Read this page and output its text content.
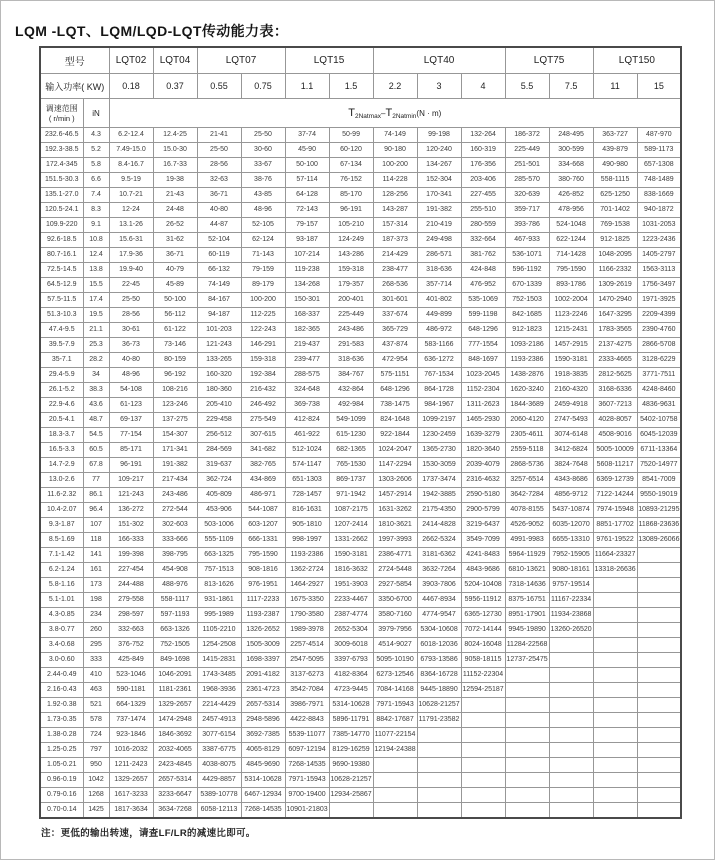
LQM -LQT、LQM/LQD-LQT传动能力表：
型号		LQT02	LQT04	LQT07		LQT15		LQT40			LQT75		LQT150	
输入功率( KW)		0.18	0.37	0.55	0.75	1.1	1.5	2.2	3	4	5.5	7.5	11	15

调速范围
( r/min )	iN	$T_{2Natmax}-T_{2Natmin}(N \cdot m)$												
232.6-46.5	4.3	6.2-12.4	12.4-25	21-41	25-50	37-74	50-99	74-149	99-198	132-264	186-372	248-495	363-727	487-970
192.3-38.5	5.2	7.49-15.0	15.0-30	25-50	30-60	45-90	60-120	90-180	120-240	160-319	225-449	300-599	439-879	589-1173
172.4-345	5.8	8.4-16.7	16.7-33	28-56	33-67	50-100	67-134	100-200	134-267	176-356	251-501	334-668	490-980	657-1308
151.5-30.3	6.6	9.5-19	19-38	32-63	38-76	57-114	76-152	114-228	152-304	203-406	285-570	380-760	558-1115	748-1489
135.1-27.0	7.4	10.7-21	21-43	36-71	43-85	64-128	85-170	128-256	170-341	227-455	320-639	426-852	625-1250	838-1669
120.5-24.1	8.3	12-24	24-48	40-80	48-96	72-143	96-191	143-287	191-382	255-510	359-717	478-956	701-1402	940-1872
109.9-220	9.1	13.1-26	26-52	44-87	52-105	79-157	105-210	157-314	210-419	280-559	393-786	524-1048	769-1538	1031-2053
92.6-18.5	10.8	15.6-31	31-62	52-104	62-124	93-187	124-249	187-373	249-498	332-664	467-933	622-1244	912-1825	1223-2436
80.7-16.1	12.4	17.9-36	36-71	60-119	71-143	107-214	143-286	214-429	286-571	381-762	536-1071	714-1428	1048-2095	1405-2797
72.5-14.5	13.8	19.9-40	40-79	66-132	79-159	119-238	159-318	238-477	318-636	424-848	596-1192	795-1590	1166-2332	1563-3113
64.5-12.9	15.5	22-45	45-89	74-149	89-179	134-268	179-357	268-536	357-714	476-952	670-1339	893-1786	1309-2619	1756-3497
57.5-11.5	17.4	25-50	50-100	84-167	100-200	150-301	200-401	301-601	401-802	535-1069	752-1503	1002-2004	1470-2940	1971-3925
51.3-10.3	19.5	28-56	56-112	94-187	112-225	168-337	225-449	337-674	449-899	599-1198	842-1685	1123-2246	1647-3295	2209-4399
47.4-9.5	21.1	30-61	61-122	101-203	122-243	182-365	243-486	365-729	486-972	648-1296	912-1823	1215-2431	1783-3565	2390-4760
39.5-7.9	25.3	36-73	73-146	121-243	146-291	219-437	291-583	437-874	583-1166	777-1554	1093-2186	1457-2915	2137-4275	2866-5708
35-7.1	28.2	40-80	80-159	133-265	159-318	239-477	318-636	472-954	636-1272	848-1697	1193-2386	1590-3181	2333-4665	3128-6229
29.4-5.9	34	48-96	96-192	160-320	192-384	288-575	384-767	575-1151	767-1534	1023-2045	1438-2876	1918-3835	2812-5625	3771-7511
26.1-5.2	38.3	54-108	108-216	180-360	216-432	324-648	432-864	648-1296	864-1728	1152-2304	1620-3240	2160-4320	3168-6336	4248-8460
22.9-4.6	43.6	61-123	123-246	205-410	246-492	369-738	492-984	738-1475	984-1967	1311-2623	1844-3689	2459-4918	3607-7213	4836-9631
20.5-4.1	48.7	69-137	137-275	229-458	275-549	412-824	549-1099	824-1648	1099-2197	1465-2930	2060-4120	2747-5493	4028-8057	5402-10758
18.3-3.7	54.5	77-154	154-307	256-512	307-615	461-922	615-1230	922-1844	1230-2459	1639-3279	2305-4611	3074-6148	4508-9016	6045-12039
16.5-3.3	60.5	85-171	171-341	284-569	341-682	512-1024	682-1365	1024-2047	1365-2730	1820-3640	2559-5118	3412-6824	5005-10009	6711-13364
14.7-2.9	67.8	96-191	191-382	319-637	382-765	574-1147	765-1530	1147-2294	1530-3059	2039-4079	2868-5736	3824-7648	5608-11217	7520-14977
13.0-2.6	77	109-217	217-434	362-724	434-869	651-1303	869-1737	1303-2606	1737-3474	2316-4632	3257-6514	4343-8686	6369-12739	8541-7009
11.6-2.32	86.1	121-243	243-486	405-809	486-971	728-1457	971-1942	1457-2914	1942-3885	2590-5180	3642-7284	4856-9712	7122-14244	9550-19019
10.4-2.07	96.4	136-272	272-544	453-906	544-1087	816-1631	1087-2175	1631-3262	2175-4350	2900-5799	4078-8155	5437-10874	7974-15948	10893-21295
9.3-1.87	107	151-302	302-603	503-1006	603-1207	905-1810	1207-2414	1810-3621	2414-4828	3219-6437	4526-9052	6035-12070	8851-17702	11868-23636
8.5-1.69	118	166-333	333-666	555-1109	666-1331	998-1997	1331-2662	1997-3993	2662-5324	3549-7099	4991-9983	6655-13310	9761-19522	13089-26066
7.1-1.42	141	199-398	398-795	663-1325	795-1590	1193-2386	1590-3181	2386-4771	3181-6362	4241-8483	5964-11929	7952-15905	11664-23327	
6.2-1.24	161	227-454	454-908	757-1513	908-1816	1362-2724	1816-3632	2724-5448	3632-7264	4843-9686	6810-13621	9080-18161	13318-26636	
5.8-1.16	173	244-488	488-976	813-1626	976-1951	1464-2927	1951-3903	2927-5854	3903-7806	5204-10408	7318-14636	9757-19514		
5.1-1.01	198	279-558	558-1117	931-1861	1117-2233	1675-3350	2233-4467	3350-6700	4467-8934	5956-11912	8375-16751	11167-22334		
4.3-0.85	234	298-597	597-1193	995-1989	1193-2387	1790-3580	2387-4774	3580-7160	4774-9547	6365-12730	8951-17901	11934-23868		
3.8-0.77	260	332-663	663-1326	1105-2210	1326-2652	1989-3978	2652-5304	3979-7956	5304-10608	7072-14144	9945-19890	13260-26520		
3.4-0.68	295	376-752	752-1505	1254-2508	1505-3009	2257-4514	3009-6018	4514-9027	6018-12036	8024-16048	11284-22568			
3.0-0.60	333	425-849	849-1698	1415-2831	1698-3397	2547-5095	3397-6793	5095-10190	6793-13586	9058-18115	12737-25475			
2.44-0.49	410	523-1046	1046-2091	1743-3485	2091-4182	3137-6273	4182-8364	6273-12546	8364-16728	11152-22304				
2.16-0.43	463	590-1181	1181-2361	1968-3936	2361-4723	3542-7084	4723-9445	7084-14168	9445-18890	12594-25187				
1.92-0.38	521	664-1329	1329-2657	2214-4429	2657-5314	3986-7971	5314-10628	7971-15943	10628-21257					
1.73-0.35	578	737-1474	1474-2948	2457-4913	2948-5896	4422-8843	5896-11791	8842-17687	11791-23582					
1.38-0.28	724	923-1846	1846-3692	3077-6154	3692-7385	5539-11077	7385-14770	11077-22154						
1.25-0.25	797	1016-2032	2032-4065	3387-6775	4065-8129	6097-12194	8129-16259	12194-24388						
1.05-0.21	950	1211-2423	2423-4845	4038-8075	4845-9690	7268-14535	9690-19380							
0.96-0.19	1042	1329-2657	2657-5314	4429-8857	5314-10628	7971-15943	10628-21257							
0.79-0.16	1268	1617-3233	3233-6647	5389-10778	6467-12934	9700-19400	12934-25867							
0.70-0.14	1425	1817-3634	3634-7268	6058-12113	7268-14535	10901-21803								
注：更低的输出转速，请查LF/LR的减速比即可。
